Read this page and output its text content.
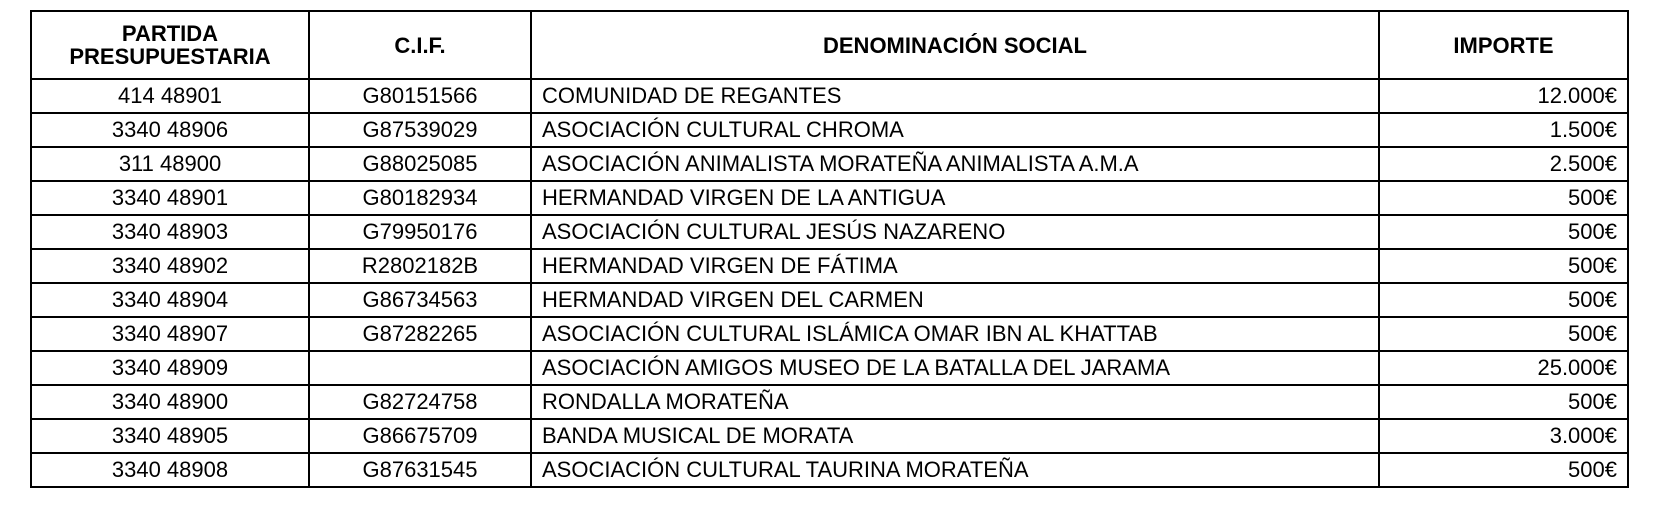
PARTIDA PRESUPUESTARIA	C.I.F.	DENOMINACIÓN SOCIAL	IMPORTE

414 48901	G80151566	COMUNIDAD DE REGANTES	12.000€
3340 48906	G87539029	ASOCIACIÓN CULTURAL CHROMA	1.500€
311 48900	G88025085	ASOCIACIÓN ANIMALISTA MORATEÑA ANIMALISTA A.M.A	2.500€
3340 48901	G80182934	HERMANDAD VIRGEN DE LA ANTIGUA	500€
3340 48903	G79950176	ASOCIACIÓN CULTURAL JESÚS NAZARENO	500€
3340 48902	R2802182B	HERMANDAD VIRGEN DE FÁTIMA	500€
3340 48904	G86734563	HERMANDAD VIRGEN DEL CARMEN	500€
3340 48907	G87282265	ASOCIACIÓN CULTURAL ISLÁMICA OMAR IBN AL KHATTAB	500€
3340 48909		ASOCIACIÓN AMIGOS MUSEO DE LA BATALLA DEL JARAMA	25.000€
3340 48900	G82724758	RONDALLA MORATEÑA	500€
3340 48905	G86675709	BANDA MUSICAL DE MORATA	3.000€
3340 48908	G87631545	ASOCIACIÓN CULTURAL TAURINA MORATEÑA	500€
